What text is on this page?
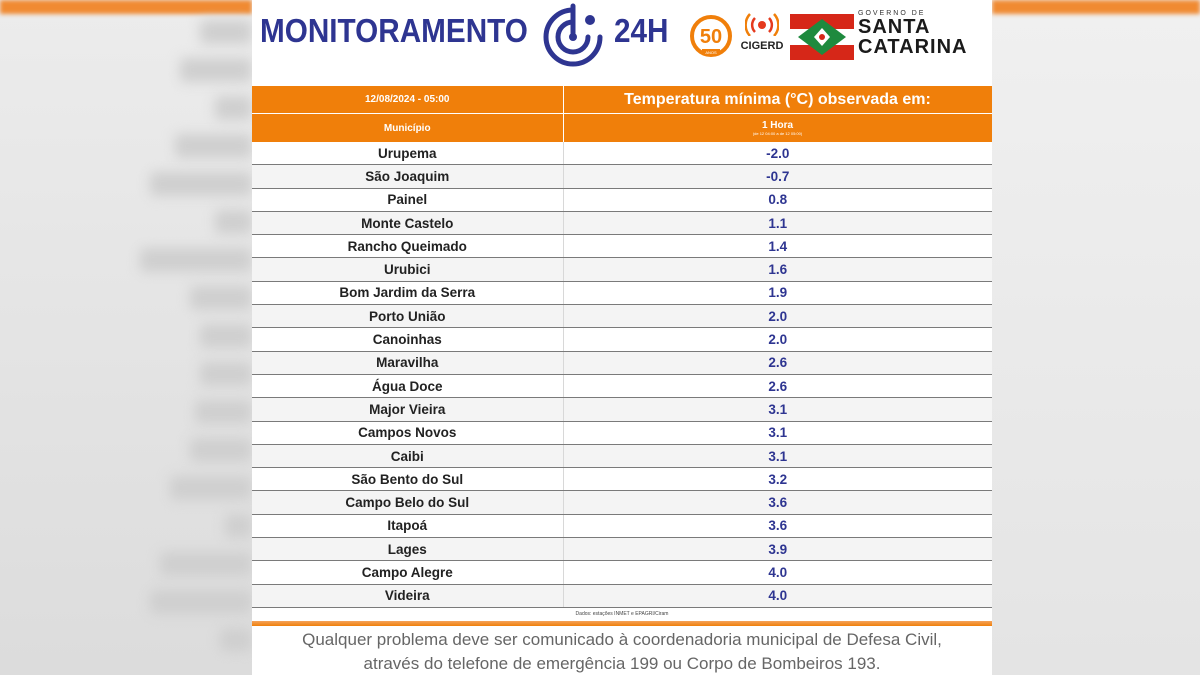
MONITORAMENTO	24H 50
ANOS
CIGERD
GOVERNO DE
SANTA
CATARINA
12/08/2024 - 05:00	Temperatura mínima (°C) observada em:
Município	1 Hora
(de 12 04:00 a de 12 05:00)

Urupema	-2.0
São Joaquim	-0.7
Painel	0.8
Monte Castelo	1.1
Rancho Queimado	1.4
Urubici	1.6
Bom Jardim da Serra	1.9
Porto União	2.0
Canoinhas	2.0
Maravilha	2.6
Água Doce	2.6
Major Vieira	3.1
Campos Novos	3.1
Caibi	3.1
São Bento do Sul	3.2
Campo Belo do Sul	3.6
Itapoá	3.6
Lages	3.9
Campo Alegre	4.0
Videira	4.0
Dados: estações INMET e EPAGRI/Ciram
Qualquer problema deve ser comunicado à coordenadoria municipal de Defesa Civil,
através do telefone de emergência 199 ou Corpo de Bombeiros 193.
